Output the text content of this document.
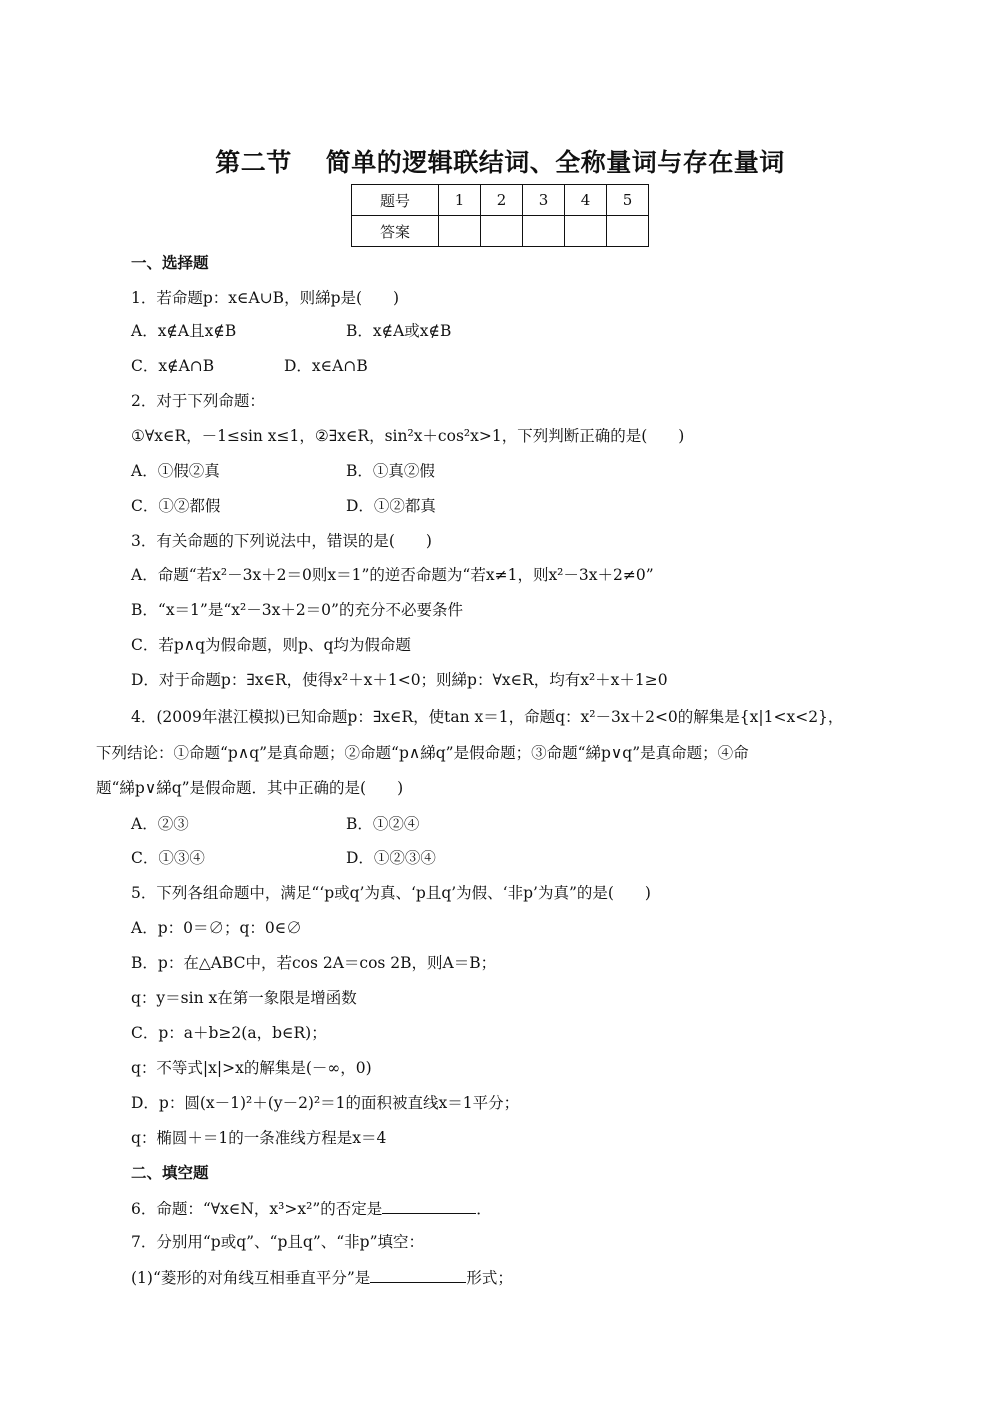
第二节 简单的逻辑联结词、全称量词与存在量词
题号	1	2	3	4	5
答案					
一、选择题
1．若命题p：x∈A∪B，则綈p是(　　)
A．x∉A且x∉B	B．x∉A或x∉B
C．x∉A∩B	D．x∈A∩B
2．对于下列命题：
①∀x∈R，－1≤sin x≤1，②∃x∈R，sin²x＋cos²x>1，下列判断正确的是(　　)
A．①假②真	B．①真②假
C．①②都假	D．①②都真
3．有关命题的下列说法中，错误的是(　　)
A．命题“若x²－3x＋2＝0则x＝1”的逆否命题为“若x≠1，则x²－3x＋2≠0”
B．“x＝1”是“x²－3x＋2＝0”的充分不必要条件
C．若p∧q为假命题，则p、q均为假命题
D．对于命题p：∃x∈R，使得x²＋x＋1<0；则綈p：∀x∈R，均有x²＋x＋1≥0
4．(2009年湛江模拟)已知命题p：∃x∈R，使tan x＝1，命题q：x²－3x＋2<0的解集是{x|1<x<2}，
下列结论：①命题“p∧q”是真命题；②命题“p∧綈q”是假命题；③命题“綈p∨q”是真命题；④命
题“綈p∨綈q”是假命题．其中正确的是(　　)
A．②③	B．①②④
C．①③④	D．①②③④
5．下列各组命题中，满足“‘p或q’为真、‘p且q’为假、‘非p’为真”的是(　　)
A．p：0＝∅；q：0∈∅
B．p：在△ABC中，若cos 2A＝cos 2B，则A＝B；
q：y＝sin x在第一象限是增函数
C．p：a＋b≥2(a，b∈R)；
q：不等式|x|>x的解集是(－∞，0)
D．p：圆(x－1)²＋(y－2)²＝1的面积被直线x＝1平分；
q：椭圆＋＝1的一条准线方程是x＝4
二、填空题
6．命题：“∀x∈N，x³>x²”的否定是	．
7．分别用“p或q”、“p且q”、“非p”填空：
(1)“菱形的对角线互相垂直平分”是	形式；
